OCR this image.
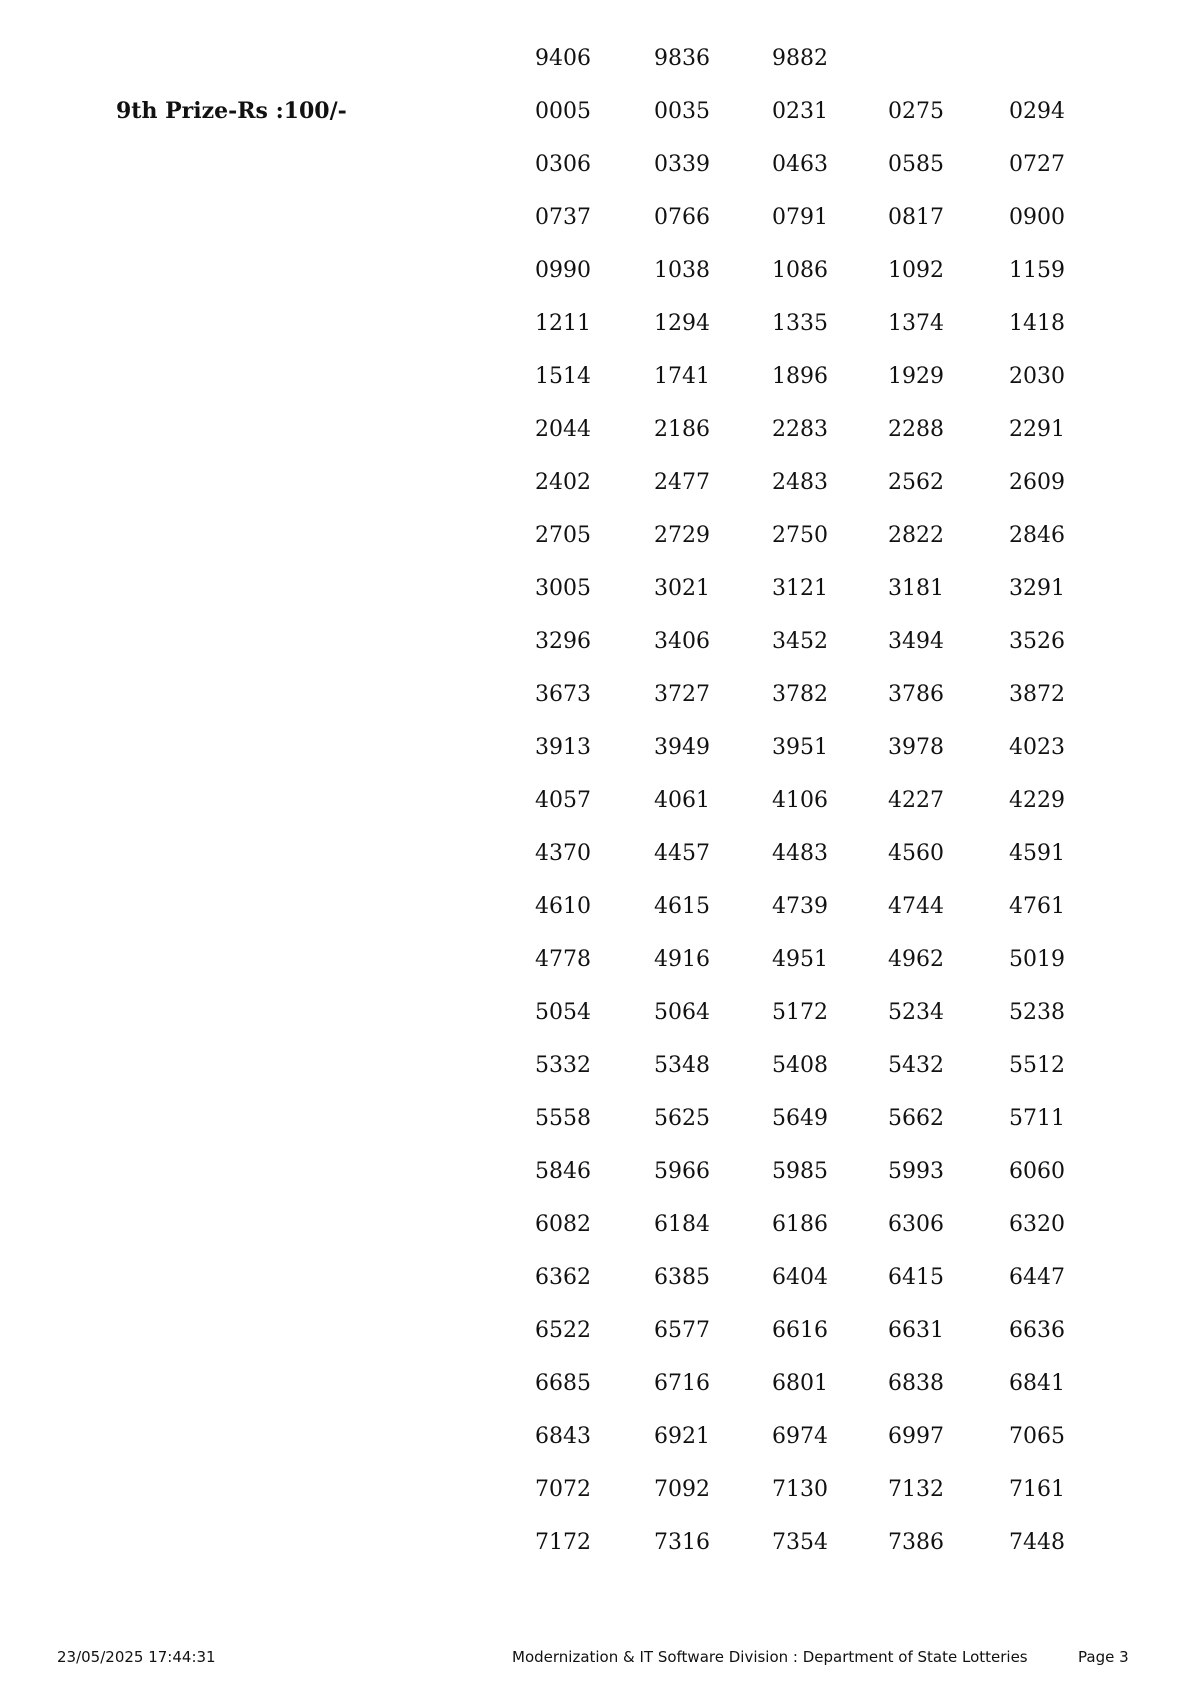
9th Prize-Rs :100/-
9406	9836	9882
0005	0035	0231	0275	0294
0306	0339	0463	0585	0727
0737	0766	0791	0817	0900
0990	1038	1086	1092	1159
1211	1294	1335	1374	1418
1514	1741	1896	1929	2030
2044	2186	2283	2288	2291
2402	2477	2483	2562	2609
2705	2729	2750	2822	2846
3005	3021	3121	3181	3291
3296	3406	3452	3494	3526
3673	3727	3782	3786	3872
3913	3949	3951	3978	4023
4057	4061	4106	4227	4229
4370	4457	4483	4560	4591
4610	4615	4739	4744	4761
4778	4916	4951	4962	5019
5054	5064	5172	5234	5238
5332	5348	5408	5432	5512
5558	5625	5649	5662	5711
5846	5966	5985	5993	6060
6082	6184	6186	6306	6320
6362	6385	6404	6415	6447
6522	6577	6616	6631	6636
6685	6716	6801	6838	6841
6843	6921	6974	6997	7065
7072	7092	7130	7132	7161
7172	7316	7354	7386	7448
23/05/2025 17:44:31	Modernization & IT Software Division : Department of State Lotteries	Page 3
